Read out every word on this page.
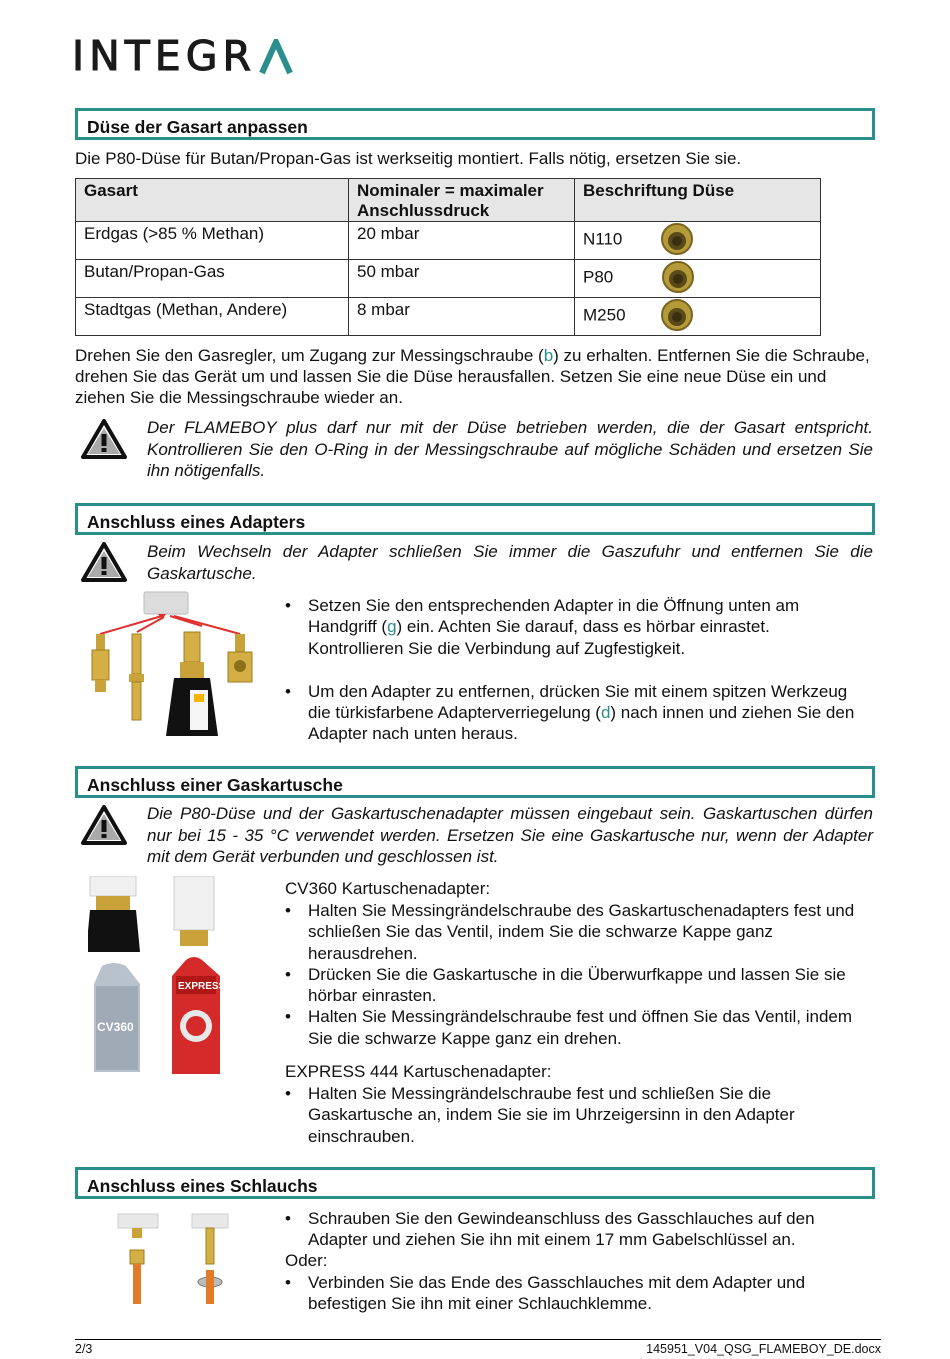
INTEGR
Düse der Gasart anpassen
Die P80-Düse für Butan/Propan-Gas ist werkseitig montiert. Falls nötig, ersetzen Sie sie.
Gasart	Nominaler = maximaler Anschlussdruck	Beschriftung Düse
Erdgas (>85 % Methan)	20 mbar	N110
Butan/Propan-Gas	50 mbar	P80
Stadtgas (Methan, Andere)	8 mbar	M250
Drehen Sie den Gasregler, um Zugang zur Messingschraube (b) zu erhalten. Entfernen Sie die Schraube, drehen Sie das Gerät um und lassen Sie die Düse herausfallen. Setzen Sie eine neue Düse ein und ziehen Sie die Messingschraube wieder an.
Der FLAMEBOY plus darf nur mit der Düse betrieben werden, die der Gasart entspricht. Kontrollieren Sie den O-Ring in der Messingschraube auf mögliche Schäden und ersetzen Sie ihn nötigenfalls.
Anschluss eines Adapters
Beim Wechseln der Adapter schließen Sie immer die Gaszufuhr und entfernen Sie die Gaskartusche.
• Setzen Sie den entsprechenden Adapter in die Öffnung unten am Handgriff (g) ein. Achten Sie darauf, dass es hörbar einrastet. Kontrollieren Sie die Verbindung auf Zugfestigkeit.
• Um den Adapter zu entfernen, drücken Sie mit einem spitzen Werkzeug die türkisfarbene Adapterverriegelung (d) nach innen und ziehen Sie den Adapter nach unten heraus.
Anschluss einer Gaskartusche
Die P80-Düse und der Gaskartuschenadapter müssen eingebaut sein. Gaskartuschen dürfen nur bei 15 - 35 °C verwendet werden. Ersetzen Sie eine Gaskartusche nur, wenn der Adapter mit dem Gerät verbunden und geschlossen ist.
CV360
EXPRESS
CV360 Kartuschenadapter:
• Halten Sie Messingrändelschraube des Gaskartuschenadapters fest und schließen Sie das Ventil, indem Sie die schwarze Kappe ganz herausdrehen.
• Drücken Sie die Gaskartusche in die Überwurfkappe und lassen Sie sie hörbar einrasten.
• Halten Sie Messingrändelschraube fest und öffnen Sie das Ventil, indem Sie die schwarze Kappe ganz ein drehen.
EXPRESS 444 Kartuschenadapter:
• Halten Sie Messingrändelschraube fest und schließen Sie die Gaskartusche an, indem Sie sie im Uhrzeigersinn in den Adapter einschrauben.
Anschluss eines Schlauchs
• Schrauben Sie den Gewindeanschluss des Gasschlauches auf den Adapter und ziehen Sie ihn mit einem 17 mm Gabelschlüssel an.
Oder:
• Verbinden Sie das Ende des Gasschlauches mit dem Adapter und befestigen Sie ihn mit einer Schlauchklemme.
2/3	145951_V04_QSG_FLAMEBOY_DE.docx
